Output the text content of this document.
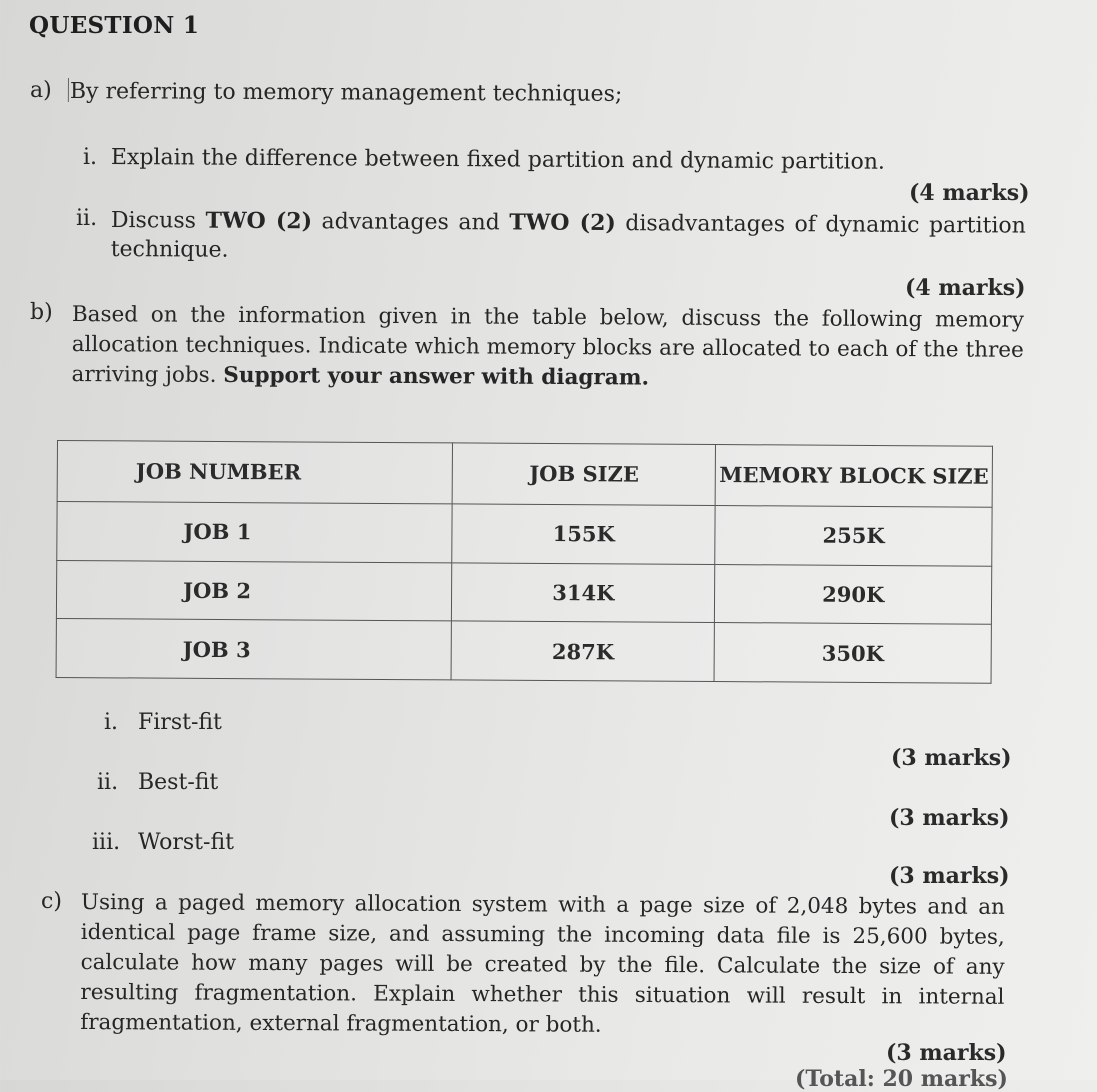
QUESTION 1
a) By referring to memory management techniques;
i. Explain the difference between fixed partition and dynamic partition.
(4 marks)
ii. Discuss TWO (2) advantages and TWO (2) disadvantages of dynamic partition technique.
(4 marks)
b) Based on the information given in the table below, discuss the following memory allocation techniques. Indicate which memory blocks are allocated to each of the three arriving jobs. Support your answer with diagram.
JOB NUMBER	JOB SIZE	MEMORY BLOCK SIZE
JOB 1	155K	255K
JOB 2	314K	290K
JOB 3	287K	350K
i. First-fit
(3 marks)
ii. Best-fit
(3 marks)
iii. Worst-fit
(3 marks)
c) Using a paged memory allocation system with a page size of 2,048 bytes and an identical page frame size, and assuming the incoming data file is 25,600 bytes, calculate how many pages will be created by the file. Calculate the size of any resulting fragmentation. Explain whether this situation will result in internal fragmentation, external fragmentation, or both.
(3 marks)
(Total: 20 marks)
